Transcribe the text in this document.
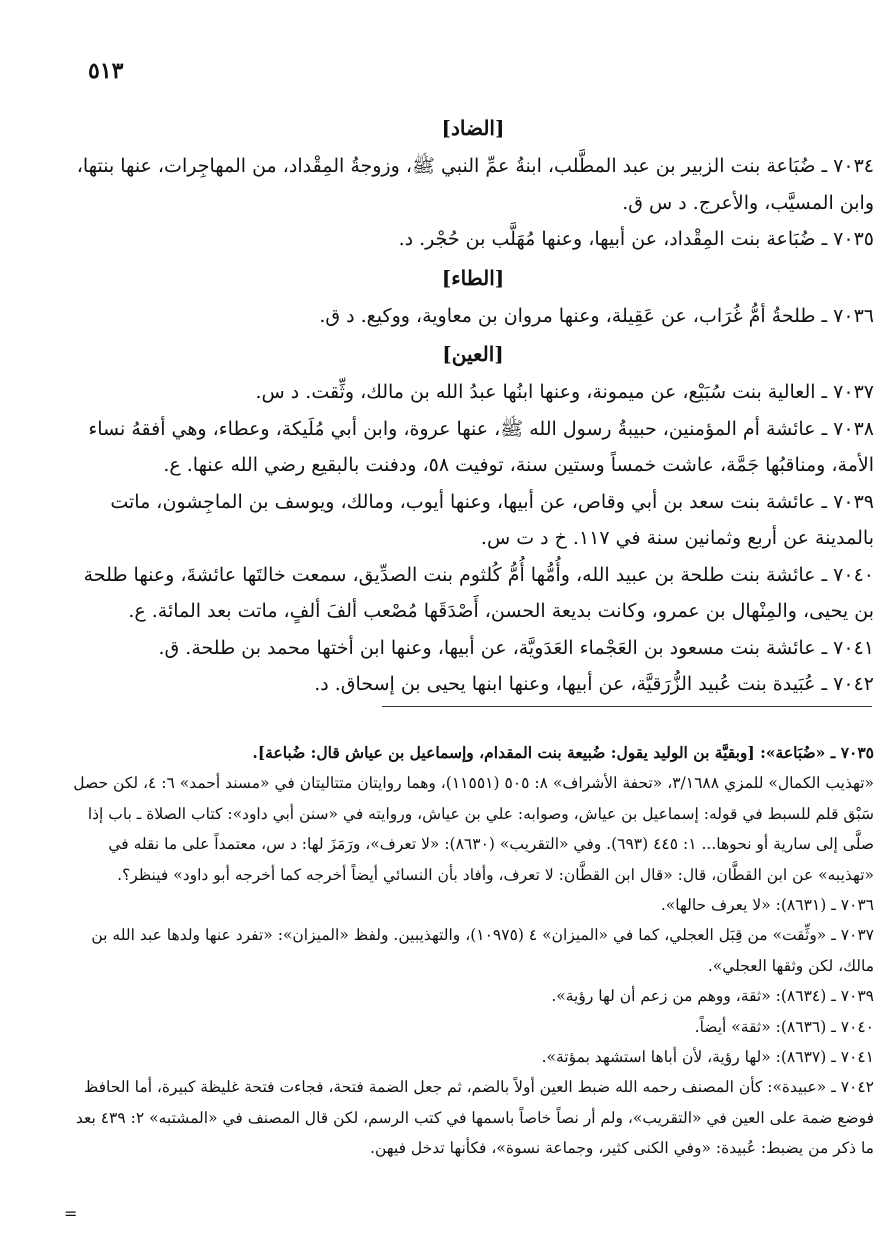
٥١٣
[الضاد]
٧٠٣٤ ـ ضُبَاعة بنت الزبير بن عبد المطَّلب، ابنةُ عمِّ النبي ﷺ، وزوجةُ المِقْداد، من المهاجِرات، عنها بنتها، وابن المسيَّب، والأعرج. د س ق.
٧٠٣٥ ـ ضُبَاعة بنت المِقْداد، عن أبيها، وعنها مُهَلَّب بن حُجْر. د.
[الطاء]
٧٠٣٦ ـ طلحةُ أمُّ غُرَاب، عن عَقِيلة، وعنها مروان بن معاوية، ووكيع. د ق.
[العين]
٧٠٣٧ ـ العالية بنت سُبَيْع، عن ميمونة، وعنها ابنُها عبدُ الله بن مالك، وثِّقت. د س.
٧٠٣٨ ـ عائشة أم المؤمنين، حبيبةُ رسول الله ﷺ، عنها عروة، وابن أبي مُلَيكة، وعطاء، وهي أفقهُ نساء الأمة، ومناقبُها جَمَّة، عاشت خمساً وستين سنة، توفيت ٥٨، ودفنت بالبقيع رضي الله عنها. ع.
٧٠٣٩ ـ عائشة بنت سعد بن أبي وقاص، عن أبيها، وعنها أيوب، ومالك، ويوسف بن الماجِشون، ماتت بالمدينة عن أربع وثمانين سنة في ١١٧. خ د ت س.
٧٠٤٠ ـ عائشة بنت طلحة بن عبيد الله، وأُمُّها أُمُّ كُلثوم بنت الصدِّيق، سمعت خالتَها عائشةَ، وعنها طلحة بن يحيى، والمِنْهال بن عمرو، وكانت بديعة الحسن، أَصْدَقَها مُصْعب ألفَ ألفٍ، ماتت بعد المائة. ع.
٧٠٤١ ـ عائشة بنت مسعود بن العَجْماء العَدَويَّة، عن أبيها، وعنها ابن أختها محمد بن طلحة. ق.
٧٠٤٢ ـ عُبَيدة بنت عُبيد الزُّرَقيَّة، عن أبيها، وعنها ابنها يحيى بن إسحاق. د.
٧٠٣٥ ـ «ضُبَاعة»: [وبقيَّة بن الوليد يقول: ضُبيعة بنت المقدام، وإسماعيل بن عياش قال: ضُباعة].
«تهذيب الكمال» للمزي ٣/١٦٨٨، «تحفة الأشراف» ٨: ٥٠٥ (١١٥٥١)، وهما روايتان متتاليتان في «مسند أحمد» ٦: ٤، لكن حصل سَبْق قلم للسبط في قوله: إسماعيل بن عياش، وصوابه: علي بن عياش، وروايته في «سنن أبي داود»: كتاب الصلاة ـ باب إذا صلَّى إلى سارية أو نحوها... ١: ٤٤٥ (٦٩٣). وفي «التقريب» (٨٦٣٠): «لا تعرف»، ورَمَزَ لها: د س، معتمداً على ما نقله في «تهذيبه» عن ابن القطَّان، قال: «قال ابن القطَّان: لا تعرف، وأفاد بأن النسائي أيضاً أخرجه كما أخرجه أبو داود» فينظر؟.
٧٠٣٦ ـ (٨٦٣١): «لا يعرف حالها».
٧٠٣٧ ـ «وثِّقت» من قِبَل العجلي، كما في «الميزان» ٤ (١٠٩٧٥)، والتهذيبين. ولفظ «الميزان»: «تفرد عنها ولدها عبد الله بن مالك، لكن وثقها العجلي».
٧٠٣٩ ـ (٨٦٣٤): «ثقة، ووهم من زعم أن لها رؤية».
٧٠٤٠ ـ (٨٦٣٦): «ثقة» أيضاً.
٧٠٤١ ـ (٨٦٣٧): «لها رؤية، لأن أباها استشهد بمؤتة».
٧٠٤٢ ـ «عبيدة»: كأن المصنف رحمه الله ضبط العين أولاً بالضم، ثم جعل الضمة فتحة، فجاءت فتحة غليظة كبيرة، أما الحافظ فوضع ضمة على العين في «التقريب»، ولم أر نصاً خاصاً باسمها في كتب الرسم، لكن قال المصنف في «المشتبه» ٢: ٤٣٩ بعد ما ذكر من يضبط: عُبيدة: «وفي الكنى كثير، وجماعة نسوة»، فكأنها تدخل فيهن.
=
